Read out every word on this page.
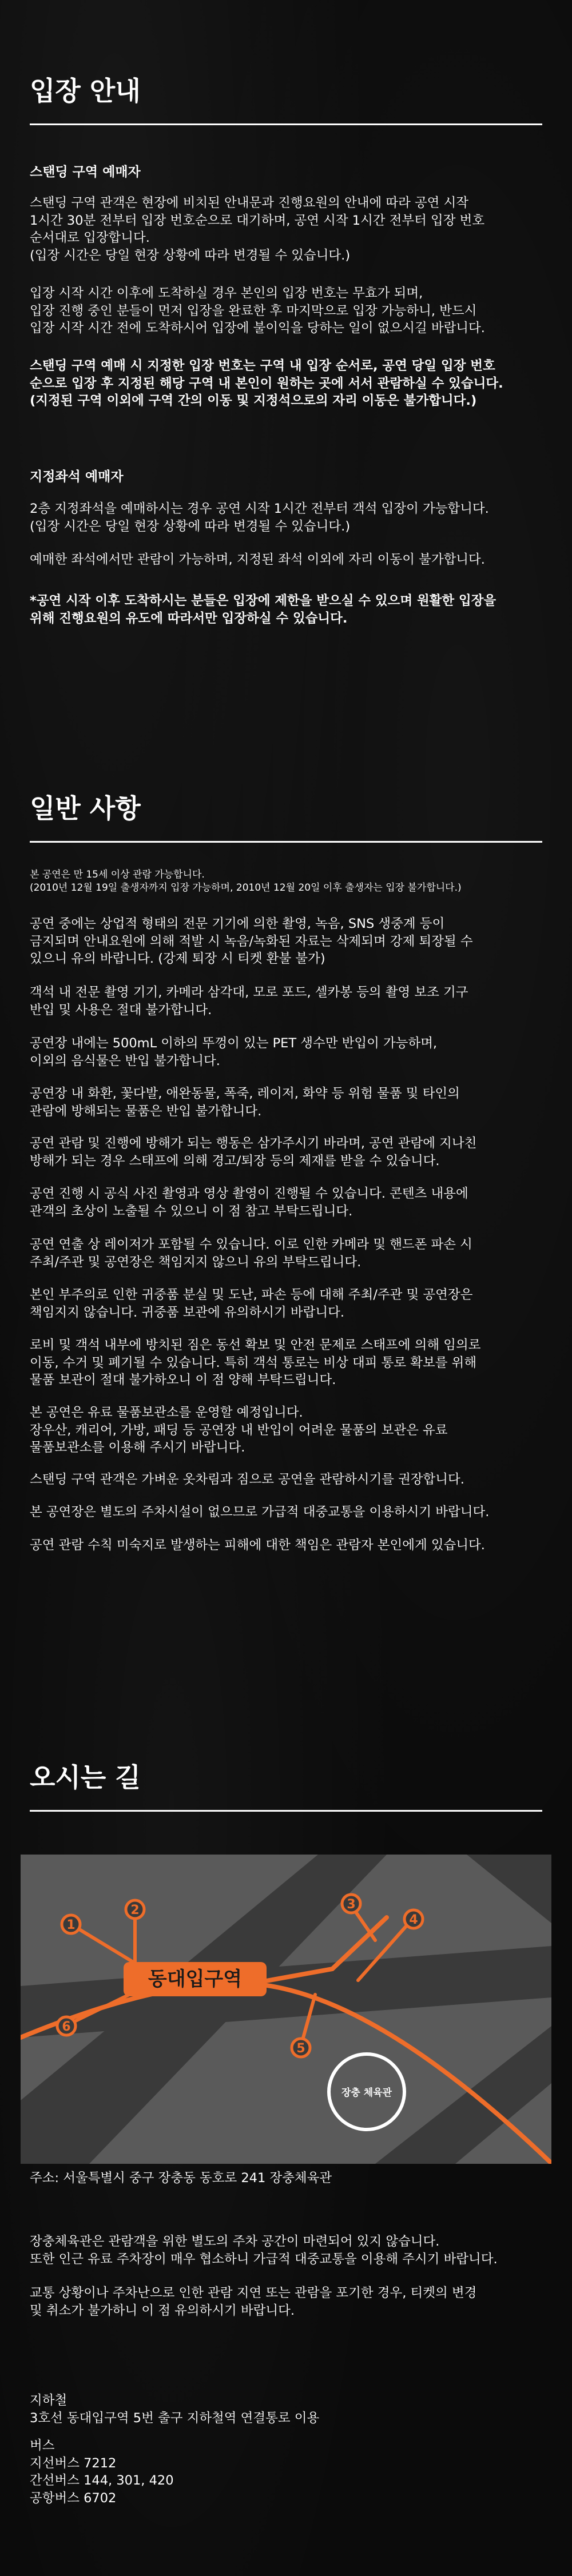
입장 안내
스탠딩 구역 예매자

스탠딩 구역 관객은 현장에 비치된 안내문과 진행요원의 안내에 따라 공연 시작
1시간 30분 전부터 입장 번호순으로 대기하며, 공연 시작 1시간 전부터 입장 번호
순서대로 입장합니다.
(입장 시간은 당일 현장 상황에 따라 변경될 수 있습니다.)

입장 시작 시간 이후에 도착하실 경우 본인의 입장 번호는 무효가 되며,
입장 진행 중인 분들이 먼저 입장을 완료한 후 마지막으로 입장 가능하니, 반드시
입장 시작 시간 전에 도착하시어 입장에 불이익을 당하는 일이 없으시길 바랍니다.

스탠딩 구역 예매 시 지정한 입장 번호는 구역 내 입장 순서로, 공연 당일 입장 번호
순으로 입장 후 지정된 해당 구역 내 본인이 원하는 곳에 서서 관람하실 수 있습니다.
(지정된 구역 이외에 구역 간의 이동 및 지정석으로의 자리 이동은 불가합니다.)

지정좌석 예매자

2층 지정좌석을 예매하시는 경우 공연 시작 1시간 전부터 객석 입장이 가능합니다.
(입장 시간은 당일 현장 상황에 따라 변경될 수 있습니다.)

예매한 좌석에서만 관람이 가능하며, 지정된 좌석 이외에 자리 이동이 불가합니다.

*공연 시작 이후 도착하시는 분들은 입장에 제한을 받으실 수 있으며 원활한 입장을
위해 진행요원의 유도에 따라서만 입장하실 수 있습니다.

일반 사항

본 공연은 만 15세 이상 관람 가능합니다.
(2010년 12월 19일 출생자까지 입장 가능하며, 2010년 12월 20일 이후 출생자는 입장 불가합니다.)

공연 중에는 상업적 형태의 전문 기기에 의한 촬영, 녹음, SNS 생중계 등이
금지되며 안내요원에 의해 적발 시 녹음/녹화된 자료는 삭제되며 강제 퇴장될 수
있으니 유의 바랍니다. (강제 퇴장 시 티켓 환불 불가)

객석 내 전문 촬영 기기, 카메라 삼각대, 모로 포드, 셀카봉 등의 촬영 보조 기구
반입 및 사용은 절대 불가합니다.

공연장 내에는 500mL 이하의 뚜껑이 있는 PET 생수만 반입이 가능하며,
이외의 음식물은 반입 불가합니다.

공연장 내 화환, 꽃다발, 애완동물, 폭죽, 레이저, 화약 등 위험 물품 및 타인의
관람에 방해되는 물품은 반입 불가합니다.

공연 관람 및 진행에 방해가 되는 행동은 삼가주시기 바라며, 공연 관람에 지나친
방해가 되는 경우 스태프에 의해 경고/퇴장 등의 제재를 받을 수 있습니다.

공연 진행 시 공식 사진 촬영과 영상 촬영이 진행될 수 있습니다. 콘텐츠 내용에
관객의 초상이 노출될 수 있으니 이 점 참고 부탁드립니다.

공연 연출 상 레이저가 포함될 수 있습니다. 이로 인한 카메라 및 핸드폰 파손 시
주최/주관 및 공연장은 책임지지 않으니 유의 부탁드립니다.

본인 부주의로 인한 귀중품 분실 및 도난, 파손 등에 대해 주최/주관 및 공연장은
책임지지 않습니다. 귀중품 보관에 유의하시기 바랍니다.

로비 및 객석 내부에 방치된 짐은 동선 확보 및 안전 문제로 스태프에 의해 임의로
이동, 수거 및 폐기될 수 있습니다. 특히 객석 통로는 비상 대피 통로 확보를 위해
물품 보관이 절대 불가하오니 이 점 양해 부탁드립니다.

본 공연은 유료 물품보관소를 운영할 예정입니다.
장우산, 캐리어, 가방, 패딩 등 공연장 내 반입이 어려운 물품의 보관은 유료
물품보관소를 이용해 주시기 바랍니다.

스탠딩 구역 관객은 가벼운 옷차림과 짐으로 공연을 관람하시기를 권장합니다.

본 공연장은 별도의 주차시설이 없으므로 가급적 대중교통을 이용하시기 바랍니다.

공연 관람 수칙 미숙지로 발생하는 피해에 대한 책임은 관람자 본인에게 있습니다.

오시는 길
동대입구역
1
2	3
4
5
6
장충 체육관

주소: 서울특별시 중구 장충동 동호로 241 장충체육관

장충체육관은 관람객을 위한 별도의 주차 공간이 마련되어 있지 않습니다.
또한 인근 유료 주차장이 매우 협소하니 가급적 대중교통을 이용해 주시기 바랍니다.

교통 상황이나 주차난으로 인한 관람 지연 또는 관람을 포기한 경우, 티켓의 변경
및 취소가 불가하니 이 점 유의하시기 바랍니다.

지하철
3호선 동대입구역 5번 출구 지하철역 연결통로 이용

버스
지선버스 7212
간선버스 144, 301, 420
공항버스 6702
